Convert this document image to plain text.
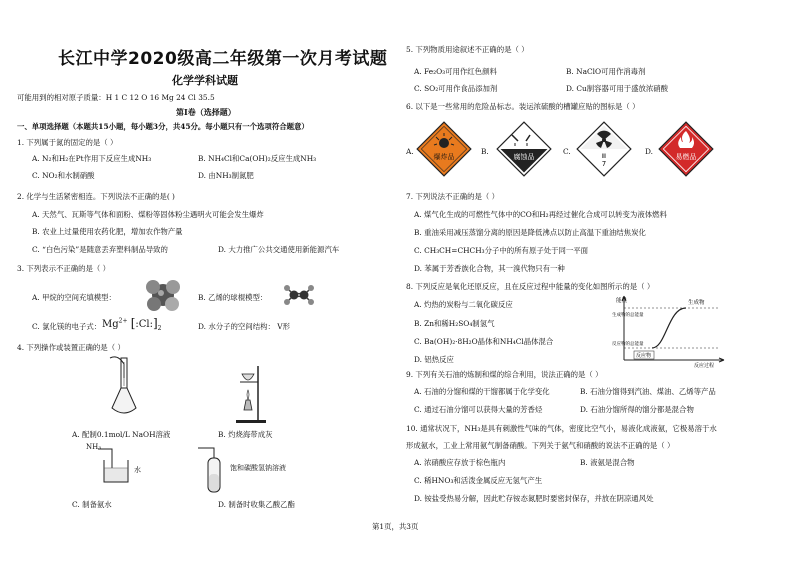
长江中学2020级高二年级第一次月考试题
化学学科试题
可能用到的相对原子质量：H 1 C 12 O 16 Mg 24 Cl 35.5
第Ⅰ卷（选择题）
一、单项选择题（本题共15小题，每小题3分，共45分。每小题只有一个选项符合题意）
1. 下列属于氮的固定的是（ ）
A. N₂和H₂在Pt作用下反应生成NH₃	B. NH₄Cl和Ca(OH)₂反应生成NH₃
C. NO₂和水制硝酸	D. 由NH₃制氮肥
2. 化学与生活紧密相连。下列说法不正确的是( )
A. 天然气、瓦斯等气体和面粉、煤粉等固体粉尘遇明火可能会发生爆炸
B. 农业上过量使用农药化肥，增加农作物产量
C. “白色污染”是随意丢弃塑料制品导致的	D. 大力推广公共交通使用新能源汽车
3. 下列表示不正确的是（ ）
A. 甲烷的空间充填模型：	B. 乙烯的球棍模型：
C. 氯化镁的电子式： $Mg^{2+}$ $[:Cl:]_2$	D. 水分子的空间结构： V形
4. 下列操作或装置正确的是（ ）
A. 配制0.1mol/L NaOH溶液	B. 灼烧海带成灰
NH₃
水	饱和碳酸氢钠溶液
C. 制备氨水	D. 制备时收集乙酸乙酯
5. 下列物质用途叙述不正确的是（ ）
A. Fe₂O₃可用作红色颜料	B. NaClO可用作消毒剂
C. SO₂可用作食品添加剂	D. Cu制容器可用于盛放浓硝酸
6. 以下是一些常用的危险品标志。装运浓硫酸的槽罐应贴的图标是（ ）
A.
爆炸品
B.
腐蚀品
C.
Ⅲ
7
D.
易燃品
7. 下列说法不正确的是（ ）
A. 煤气化生成的可燃性气体中的CO和H₂再经过催化合成可以转变为液体燃料
B. 重油采用减压蒸馏分离的原因是降低沸点以防止高温下重油结焦炭化
C. CH₃CH=CHCH₃分子中的所有原子处于同一平面
D. 苯属于芳香族化合物，其一溴代物只有一种
8. 下列反应是氧化还原反应，且在反应过程中能量的变化如图所示的是（ ）
A. 灼热的炭粉与二氧化碳反应
B. Zn和稀H₂SO₄制氢气
C. Ba(OH)₂·8H₂O晶体和NH₄Cl晶体混合
D. 铝热反应
能量	生成物
生成物的总能量
反应物的总能量
反应物
反应过程
9. 下列有关石油的炼制和煤的综合利用，说法正确的是（ ）
A. 石油的分馏和煤的干馏都属于化学变化	B. 石油分馏得到汽油、煤油、乙烯等产品
C. 通过石油分馏可以获得大量的芳香烃	D. 石油分馏所得的馏分都是混合物
10. 通常状况下，NH₃是具有刺激性气味的气体，密度比空气小，易液化成液氨，它极易溶于水
形成氨水，工业上常用氨气制备硝酸。下列关于氨气和硝酸的说法不正确的是（ ）
A. 浓硝酸应存放于棕色瓶内	B. 液氨是混合物
C. 稀HNO₃和活泼金属反应无氢气产生
D. 铵盐受热易分解，因此贮存铵态氮肥时要密封保存，并放在阴凉通风处
第1页，共3页
